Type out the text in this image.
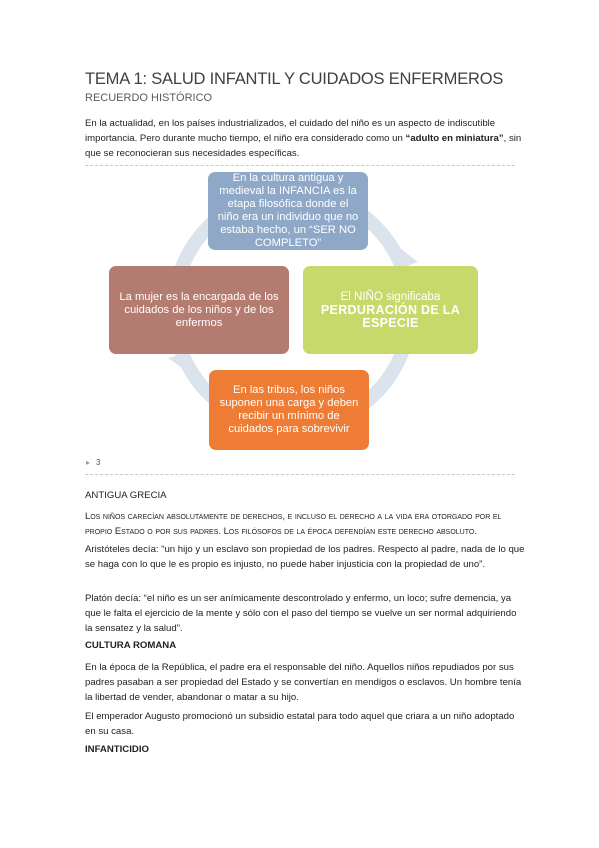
TEMA 1: SALUD INFANTIL Y CUIDADOS ENFERMEROS
RECUERDO HISTÓRICO
En la actualidad, en los países industrializados, el cuidado del niño es un aspecto de indiscutible importancia. Pero durante mucho tiempo, el niño era considerado como un “adulto en miniatura”, sin que se reconocieran sus necesidades específicas.
En la cultura antigua y medieval la INFANCIA es la etapa filosófica donde el niño era un individuo que no estaba hecho, un “SER NO COMPLETO”
La mujer es la encargada de los cuidados de los niños y de los enfermos
El NIÑO significaba
PERDURACIÓN DE LA ESPECIE
En las tribus, los niños suponen una carga y deben recibir un mínimo de cuidados para sobrevivir
▸ 3
ANTIGUA GRECIA
Los niños carecían absolutamente de derechos, e incluso el derecho a la vida era otorgado por el propio Estado o por sus padres. Los filósofos de la época defendían este derecho absoluto.
Aristóteles decía: “un hijo y un esclavo son propiedad de los padres. Respecto al padre, nada de lo que se haga con lo que le es propio es injusto, no puede haber injusticia con la propiedad de uno”.
Platón decía: “el niño es un ser anímicamente descontrolado y enfermo, un loco; sufre demencia, ya que le falta el ejercicio de la mente y sólo con el paso del tiempo se vuelve un ser normal adquiriendo la sensatez y la salud”.
CULTURA ROMANA
En la época de la República, el padre era el responsable del niño. Aquellos niños repudiados por sus padres pasaban a ser propiedad del Estado y se convertían en mendigos o esclavos. Un hombre tenía la libertad de vender, abandonar o matar a su hijo.
El emperador Augusto promocionó un subsidio estatal para todo aquel que criara a un niño adoptado en su casa.
INFANTICIDIO
